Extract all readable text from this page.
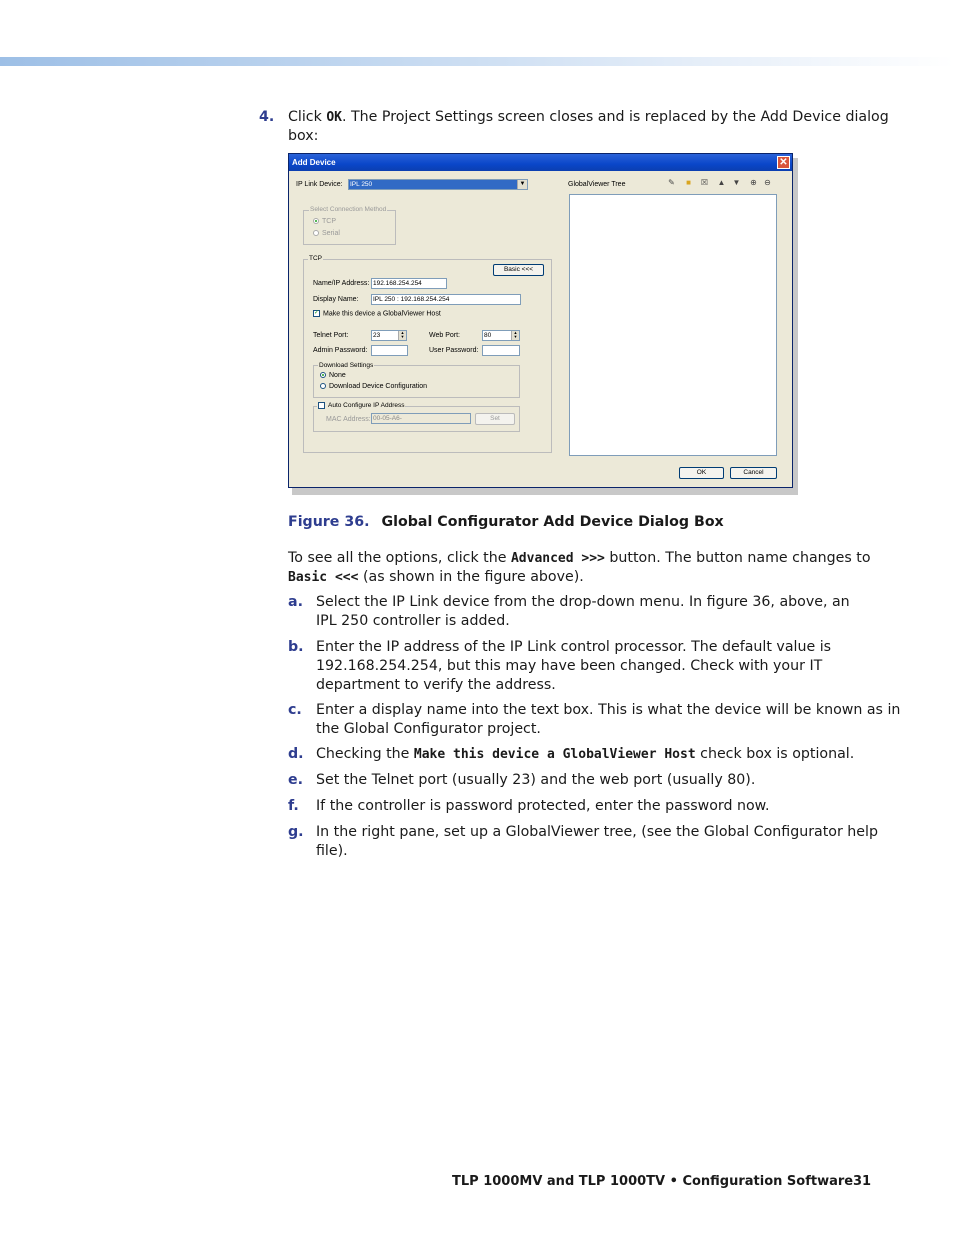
4. Click OK. The Project Settings screen closes and is replaced by the Add Device dialog
box:
Add Device	✕
IP Link Device:	IPL 250	▼	GlobalViewer Tree	✎ ■ ☒ ▲ ▼ ⊕ ⊖
Select Connection Method
TCP
Serial
TCP
Basic <<<
Name/IP Address: 192.168.254.254
Display Name:	IPL 250 : 192.168.254.254
✓ Make this device a GlobalViewer Host
Telnet Port:	23	▲
▼	Web Port:	80	▲
▼
Admin Password:	User Password:
Download Settings
None
Download Device Configuration
Auto Configure IP Address
MAC Address: 00-05-A6-	Set
OK	Cancel
Figure 36. Global Configurator Add Device Dialog Box
To see all the options, click the Advanced >>> button. The button name changes to
Basic <<< (as shown in the figure above).
a. Select the IP Link device from the drop-down menu. In figure 36, above, an
IPL 250 controller is added.
b. Enter the IP address of the IP Link control processor. The default value is
192.168.254.254, but this may have been changed. Check with your IT
department to verify the address.
c. Enter a display name into the text box. This is what the device will be known as in
the Global Configurator project.
d. Checking the Make this device a GlobalViewer Host check box is optional.
e. Set the Telnet port (usually 23) and the web port (usually 80).
f. If the controller is password protected, enter the password now.
g. In the right pane, set up a GlobalViewer tree, (see the Global Configurator help
file).
TLP 1000MV and TLP 1000TV • Configuration Software 31
